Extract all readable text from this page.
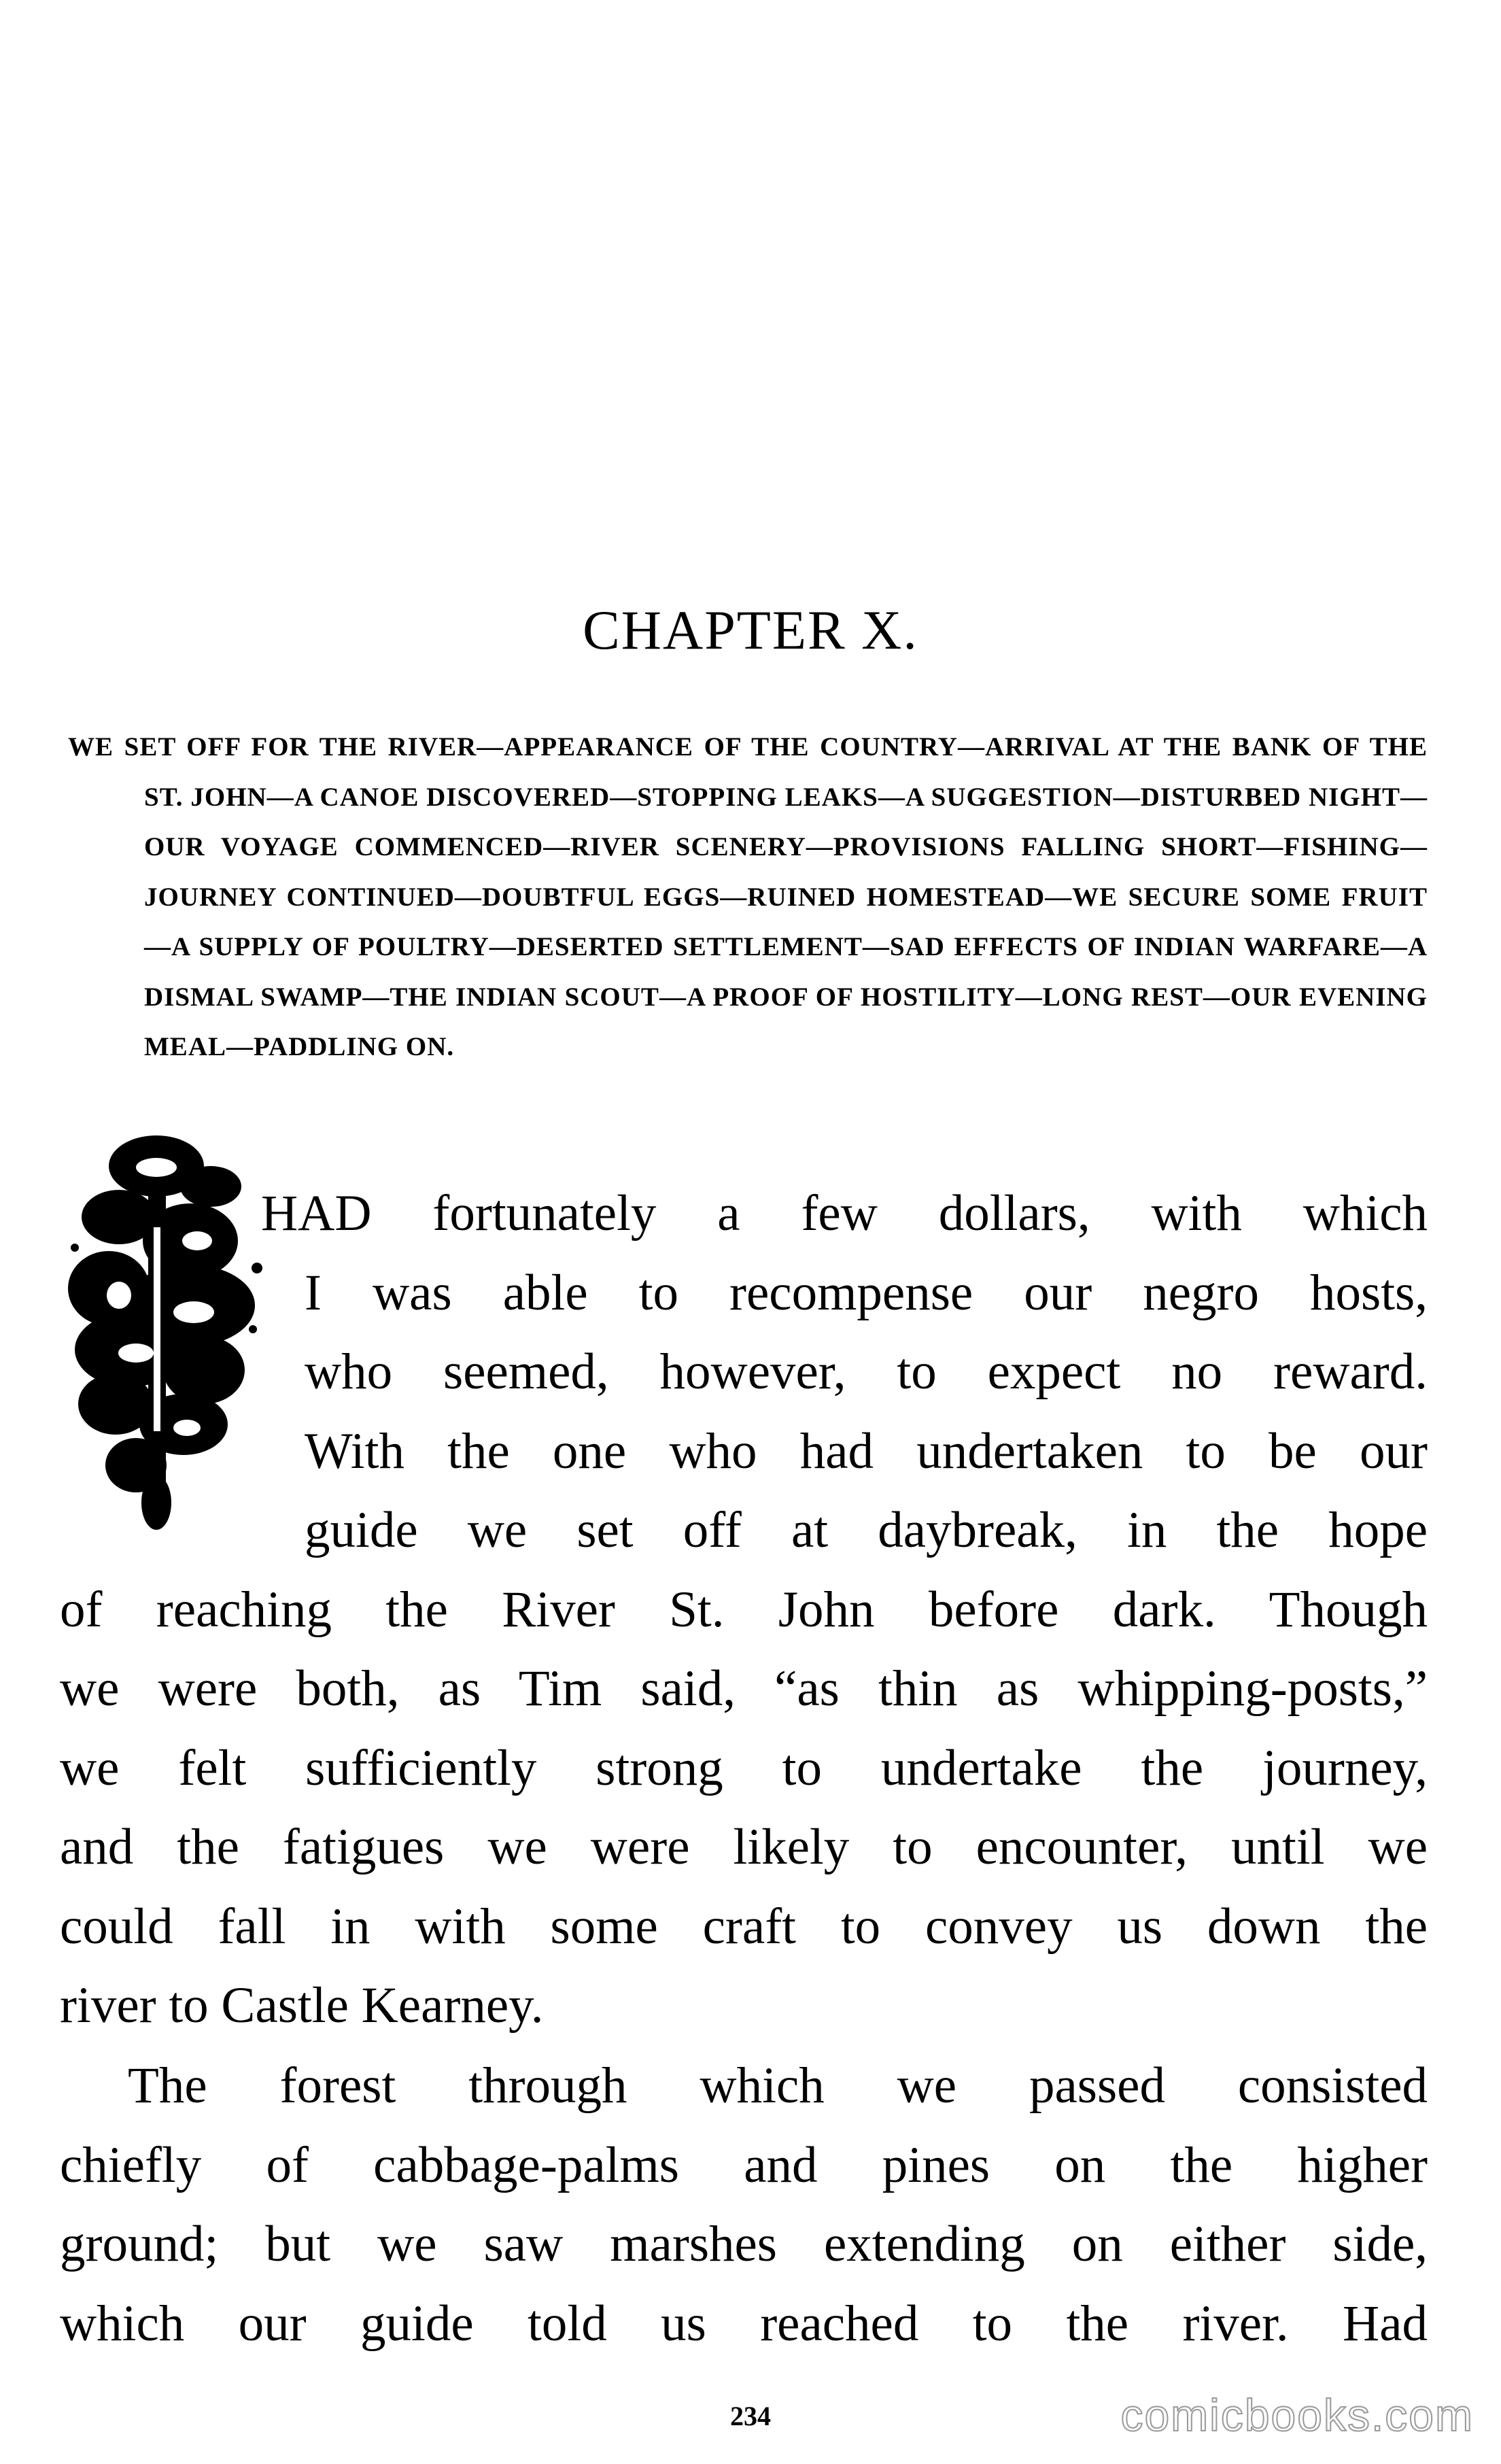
CHAPTER X.
WE SET OFF FOR THE RIVER—APPEARANCE OF THE COUNTRY—ARRIVAL AT THE BANK OF THE ST. JOHN—A CANOE DISCOVERED—STOPPING LEAKS—A SUGGESTION—DISTURBED NIGHT—OUR VOYAGE COMMENCED—RIVER SCENERY—PROVISIONS FALLING SHORT—FISHING—JOURNEY CONTINUED—DOUBTFUL EGGS—RUINED HOMESTEAD—WE SECURE SOME FRUIT—A SUPPLY OF POULTRY—DESERTED SETTLEMENT—SAD EFFECTS OF INDIAN WARFARE—A DISMAL SWAMP—THE INDIAN SCOUT—A PROOF OF HOSTILITY—LONG REST—OUR EVENING MEAL—PADDLING ON.
HAD fortunately a few dollars, with which
I was able to recompense our negro hosts,
who seemed, however, to expect no reward.
With the one who had undertaken to be our
guide we set off at daybreak, in the hope
of reaching the River St. John before dark. Though
we were both, as Tim said, “as thin as whipping-posts,”
we felt sufficiently strong to undertake the journey,
and the fatigues we were likely to encounter, until we
could fall in with some craft to convey us down the
river to Castle Kearney.
The forest through which we passed consisted
chiefly of cabbage-palms and pines on the higher
ground; but we saw marshes extending on either side,
which our guide told us reached to the river. Had
234	comicbooks.com
